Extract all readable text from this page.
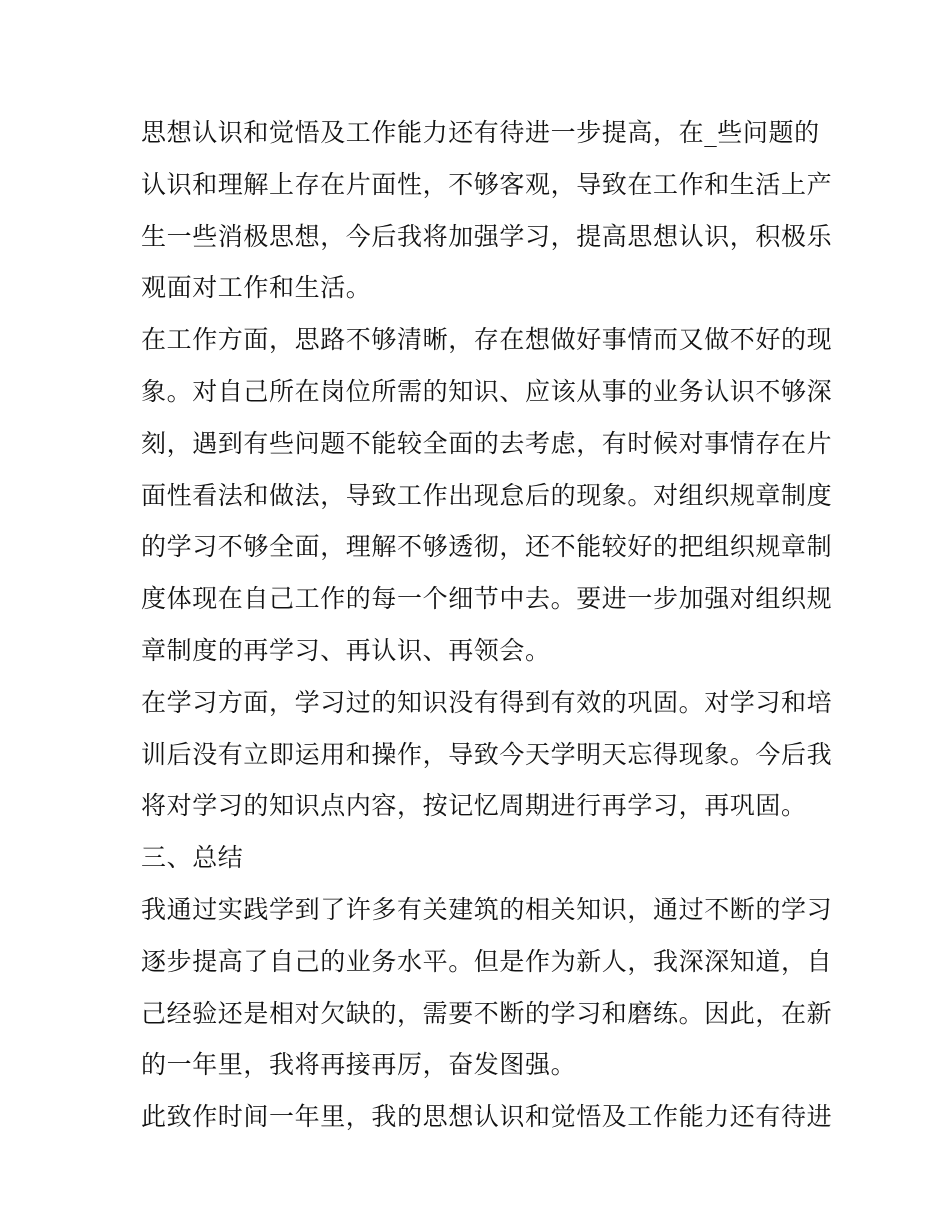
思想认识和觉悟及工作能力还有待进一步提高，在_些问题的
认识和理解上存在片面性，不够客观，导致在工作和生活上产
生一些消极思想，今后我将加强学习，提高思想认识，积极乐
观面对工作和生活。
在工作方面，思路不够清晰，存在想做好事情而又做不好的现
象。对自己所在岗位所需的知识、应该从事的业务认识不够深
刻，遇到有些问题不能较全面的去考虑，有时候对事情存在片
面性看法和做法，导致工作出现怠后的现象。对组织规章制度
的学习不够全面，理解不够透彻，还不能较好的把组织规章制
度体现在自己工作的每一个细节中去。要进一步加强对组织规
章制度的再学习、再认识、再领会。
在学习方面，学习过的知识没有得到有效的巩固。对学习和培
训后没有立即运用和操作，导致今天学明天忘得现象。今后我
将对学习的知识点内容，按记忆周期进行再学习，再巩固。
三、总结
我通过实践学到了许多有关建筑的相关知识，通过不断的学习
逐步提高了自己的业务水平。但是作为新人，我深深知道，自
己经验还是相对欠缺的，需要不断的学习和磨练。因此，在新
的一年里，我将再接再厉，奋发图强。
此致作时间一年里，我的思想认识和觉悟及工作能力还有待进
